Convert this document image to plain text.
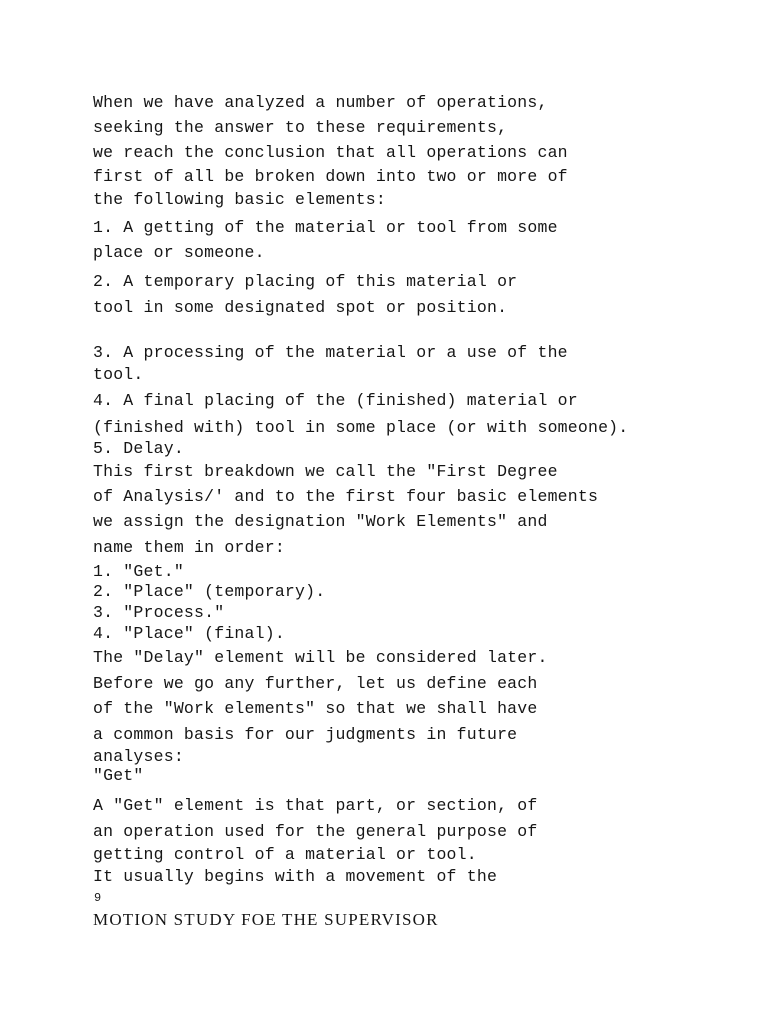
When we have analyzed a number of operations,

seeking the answer to these requirements,

we reach the conclusion that all operations can

first of all be broken down into two or more of

the following basic elements:

1. A getting of the material or tool from some

place or someone.

2. A temporary placing of this material or

tool in some designated spot or position.

3. A processing of the material or a use of the

tool.

4. A final placing of the (finished) material or

(finished with) tool in some place (or with someone).

5. Delay.

This first breakdown we call the "First Degree

of Analysis/' and to the first four basic elements

we assign the designation "Work Elements" and

name them in order:

1. "Get."

2. "Place" (temporary).

3. "Process."

4. "Place" (final).

The "Delay" element will be considered later.

Before we go any further, let us define each

of the "Work elements" so that we shall have

a common basis for our judgments in future

analyses:

"Get"

A "Get" element is that part, or section, of

an operation used for the general purpose of

getting control of a material or tool.

It usually begins with a movement of the

9

MOTION STUDY FOE THE SUPERVISOR
